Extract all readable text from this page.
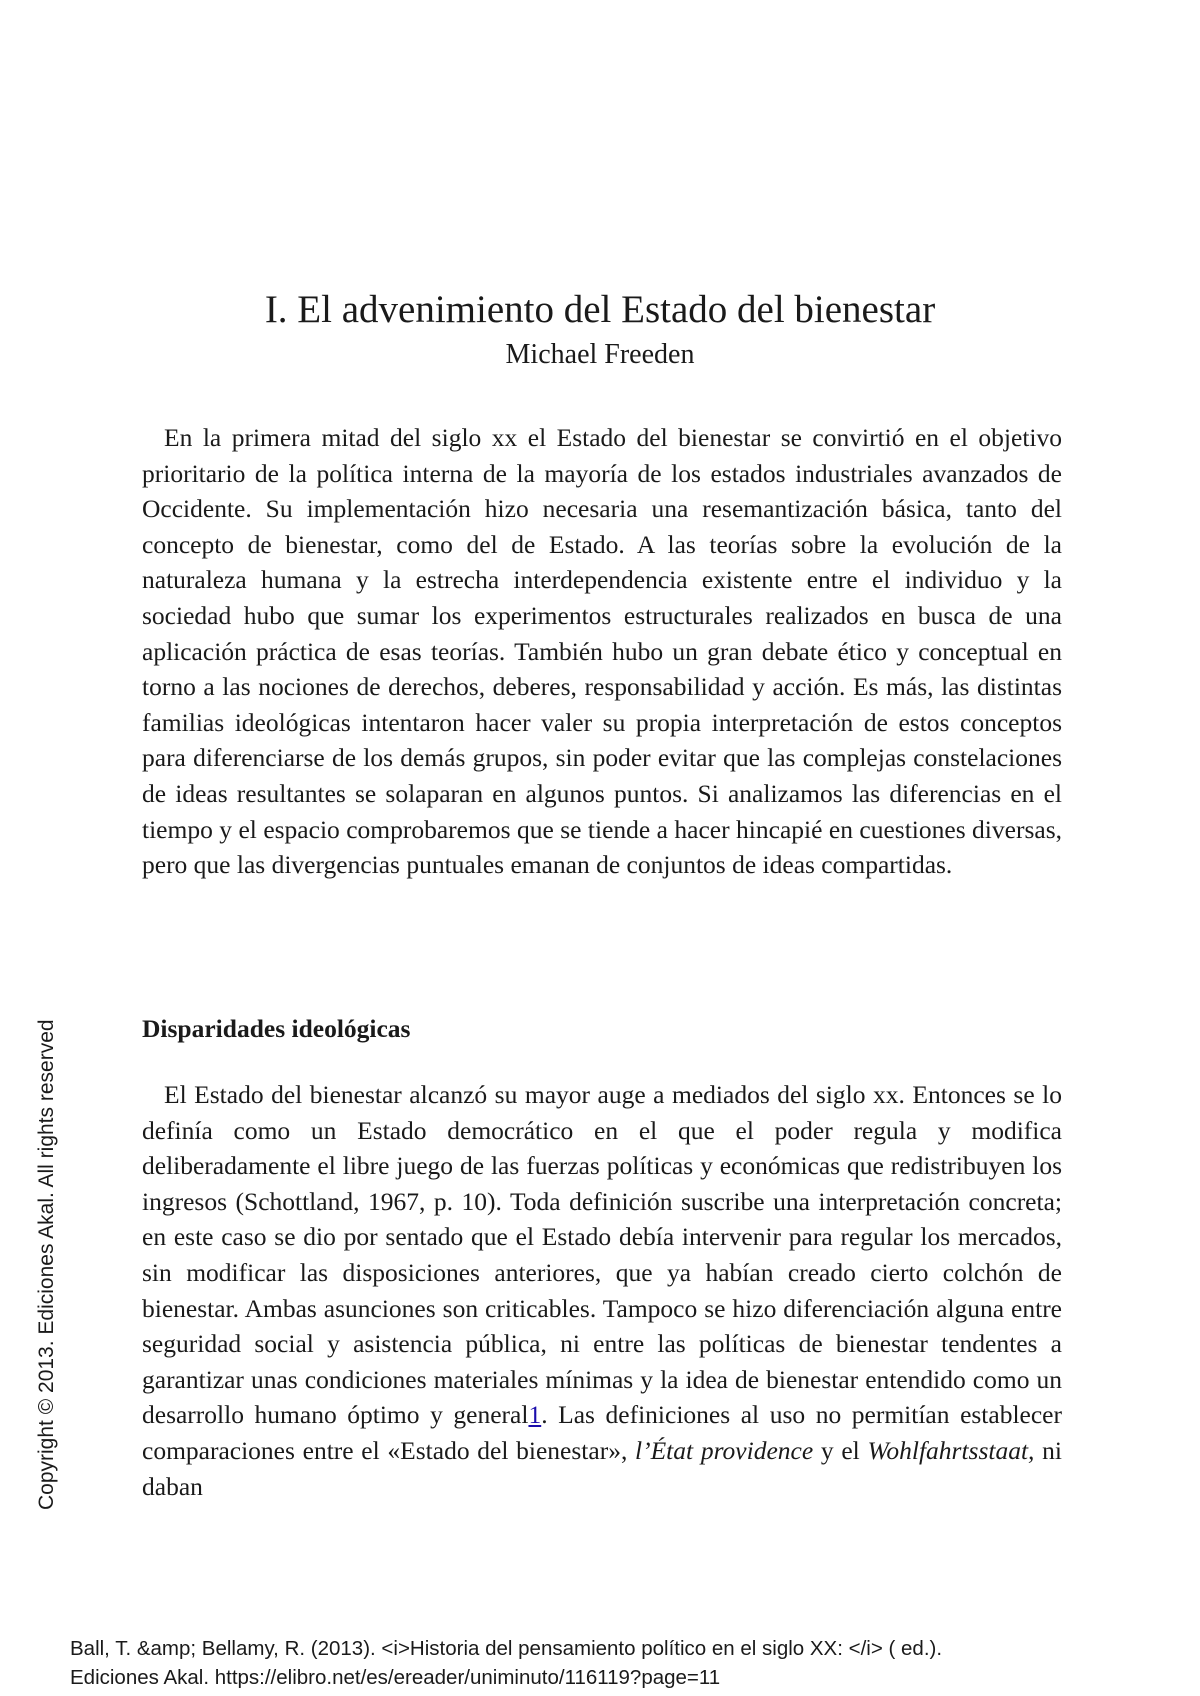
I. El advenimiento del Estado del bienestar

Michael Freeden

En la primera mitad del siglo xx el Estado del bienestar se convirtió en el objetivo prioritario de la política interna de la mayoría de los estados industriales avanzados de Occidente. Su implementación hizo necesaria una resemantización básica, tanto del concepto de bienestar, como del de Estado. A las teorías sobre la evolución de la naturaleza humana y la estrecha interdependencia existente entre el individuo y la sociedad hubo que sumar los experimentos estructurales realizados en busca de una aplicación práctica de esas teorías. También hubo un gran debate ético y conceptual en torno a las nociones de derechos, deberes, responsabilidad y acción. Es más, las distintas familias ideológicas intentaron hacer valer su propia interpretación de estos conceptos para diferenciarse de los demás grupos, sin poder evitar que las complejas constelaciones de ideas resultantes se solaparan en algunos puntos. Si analizamos las diferencias en el tiempo y el espacio comprobaremos que se tiende a hacer hincapié en cuestiones diversas, pero que las divergencias puntuales emanan de conjuntos de ideas compartidas.

Disparidades ideológicas

El Estado del bienestar alcanzó su mayor auge a mediados del siglo xx. Entonces se lo definía como un Estado democrático en el que el poder regula y modifica deliberadamente el libre juego de las fuerzas políticas y económicas que redistribuyen los ingresos (Schottland, 1967, p. 10). Toda definición suscribe una interpretación concreta; en este caso se dio por sentado que el Estado debía intervenir para regular los mercados, sin modificar las disposiciones anteriores, que ya habían creado cierto colchón de bienestar. Ambas asunciones son criticables. Tampoco se hizo diferenciación alguna entre seguridad social y asistencia pública, ni entre las políticas de bienestar tendentes a garantizar unas condiciones materiales mínimas y la idea de bienestar entendido como un desarrollo humano óptimo y general1. Las definiciones al uso no permitían establecer comparaciones entre el «Estado del bienestar», l’État providence y el Wohlfahrtsstaat, ni daban

Copyright © 2013. Ediciones Akal. All rights reserved
Ball, T. &amp; Bellamy, R. (2013). <i>Historia del pensamiento político en el siglo XX: </i> ( ed.).
Ediciones Akal. https://elibro.net/es/ereader/uniminuto/116119?page=11
